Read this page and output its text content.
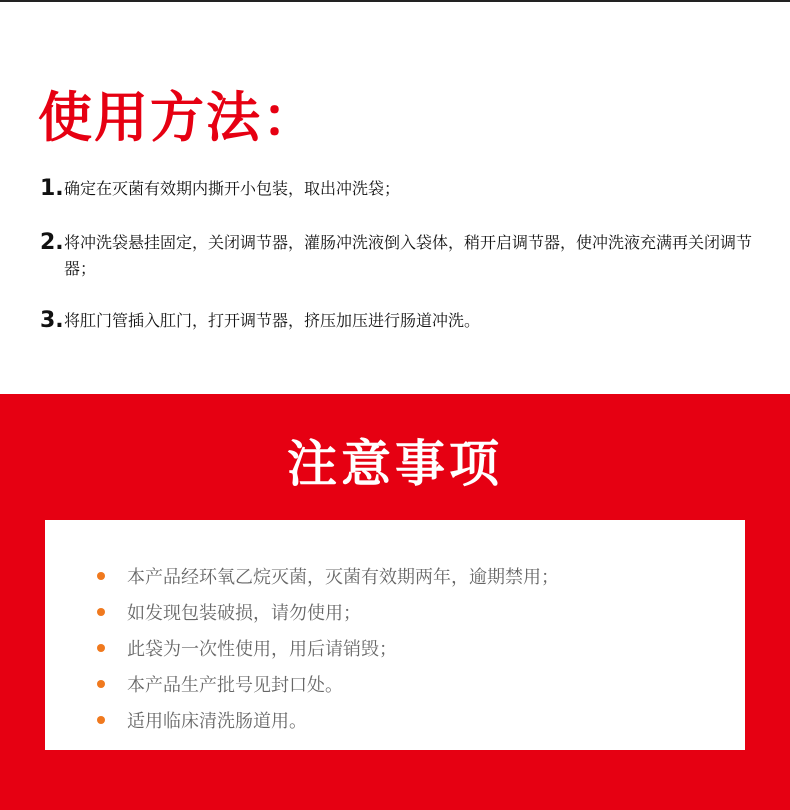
使用方法：
1. 确定在灭菌有效期内撕开小包装，取出冲洗袋；
2. 将冲洗袋悬挂固定，关闭调节器，灌肠冲洗液倒入袋体，稍开启调节器，使冲洗液充满再关闭调节器；
3. 将肛门管插入肛门，打开调节器，挤压加压进行肠道冲洗。
注意事项
本产品经环氧乙烷灭菌，灭菌有效期两年，逾期禁用；
如发现包装破损，请勿使用；
此袋为一次性使用，用后请销毁；
本产品生产批号见封口处。
适用临床清洗肠道用。
